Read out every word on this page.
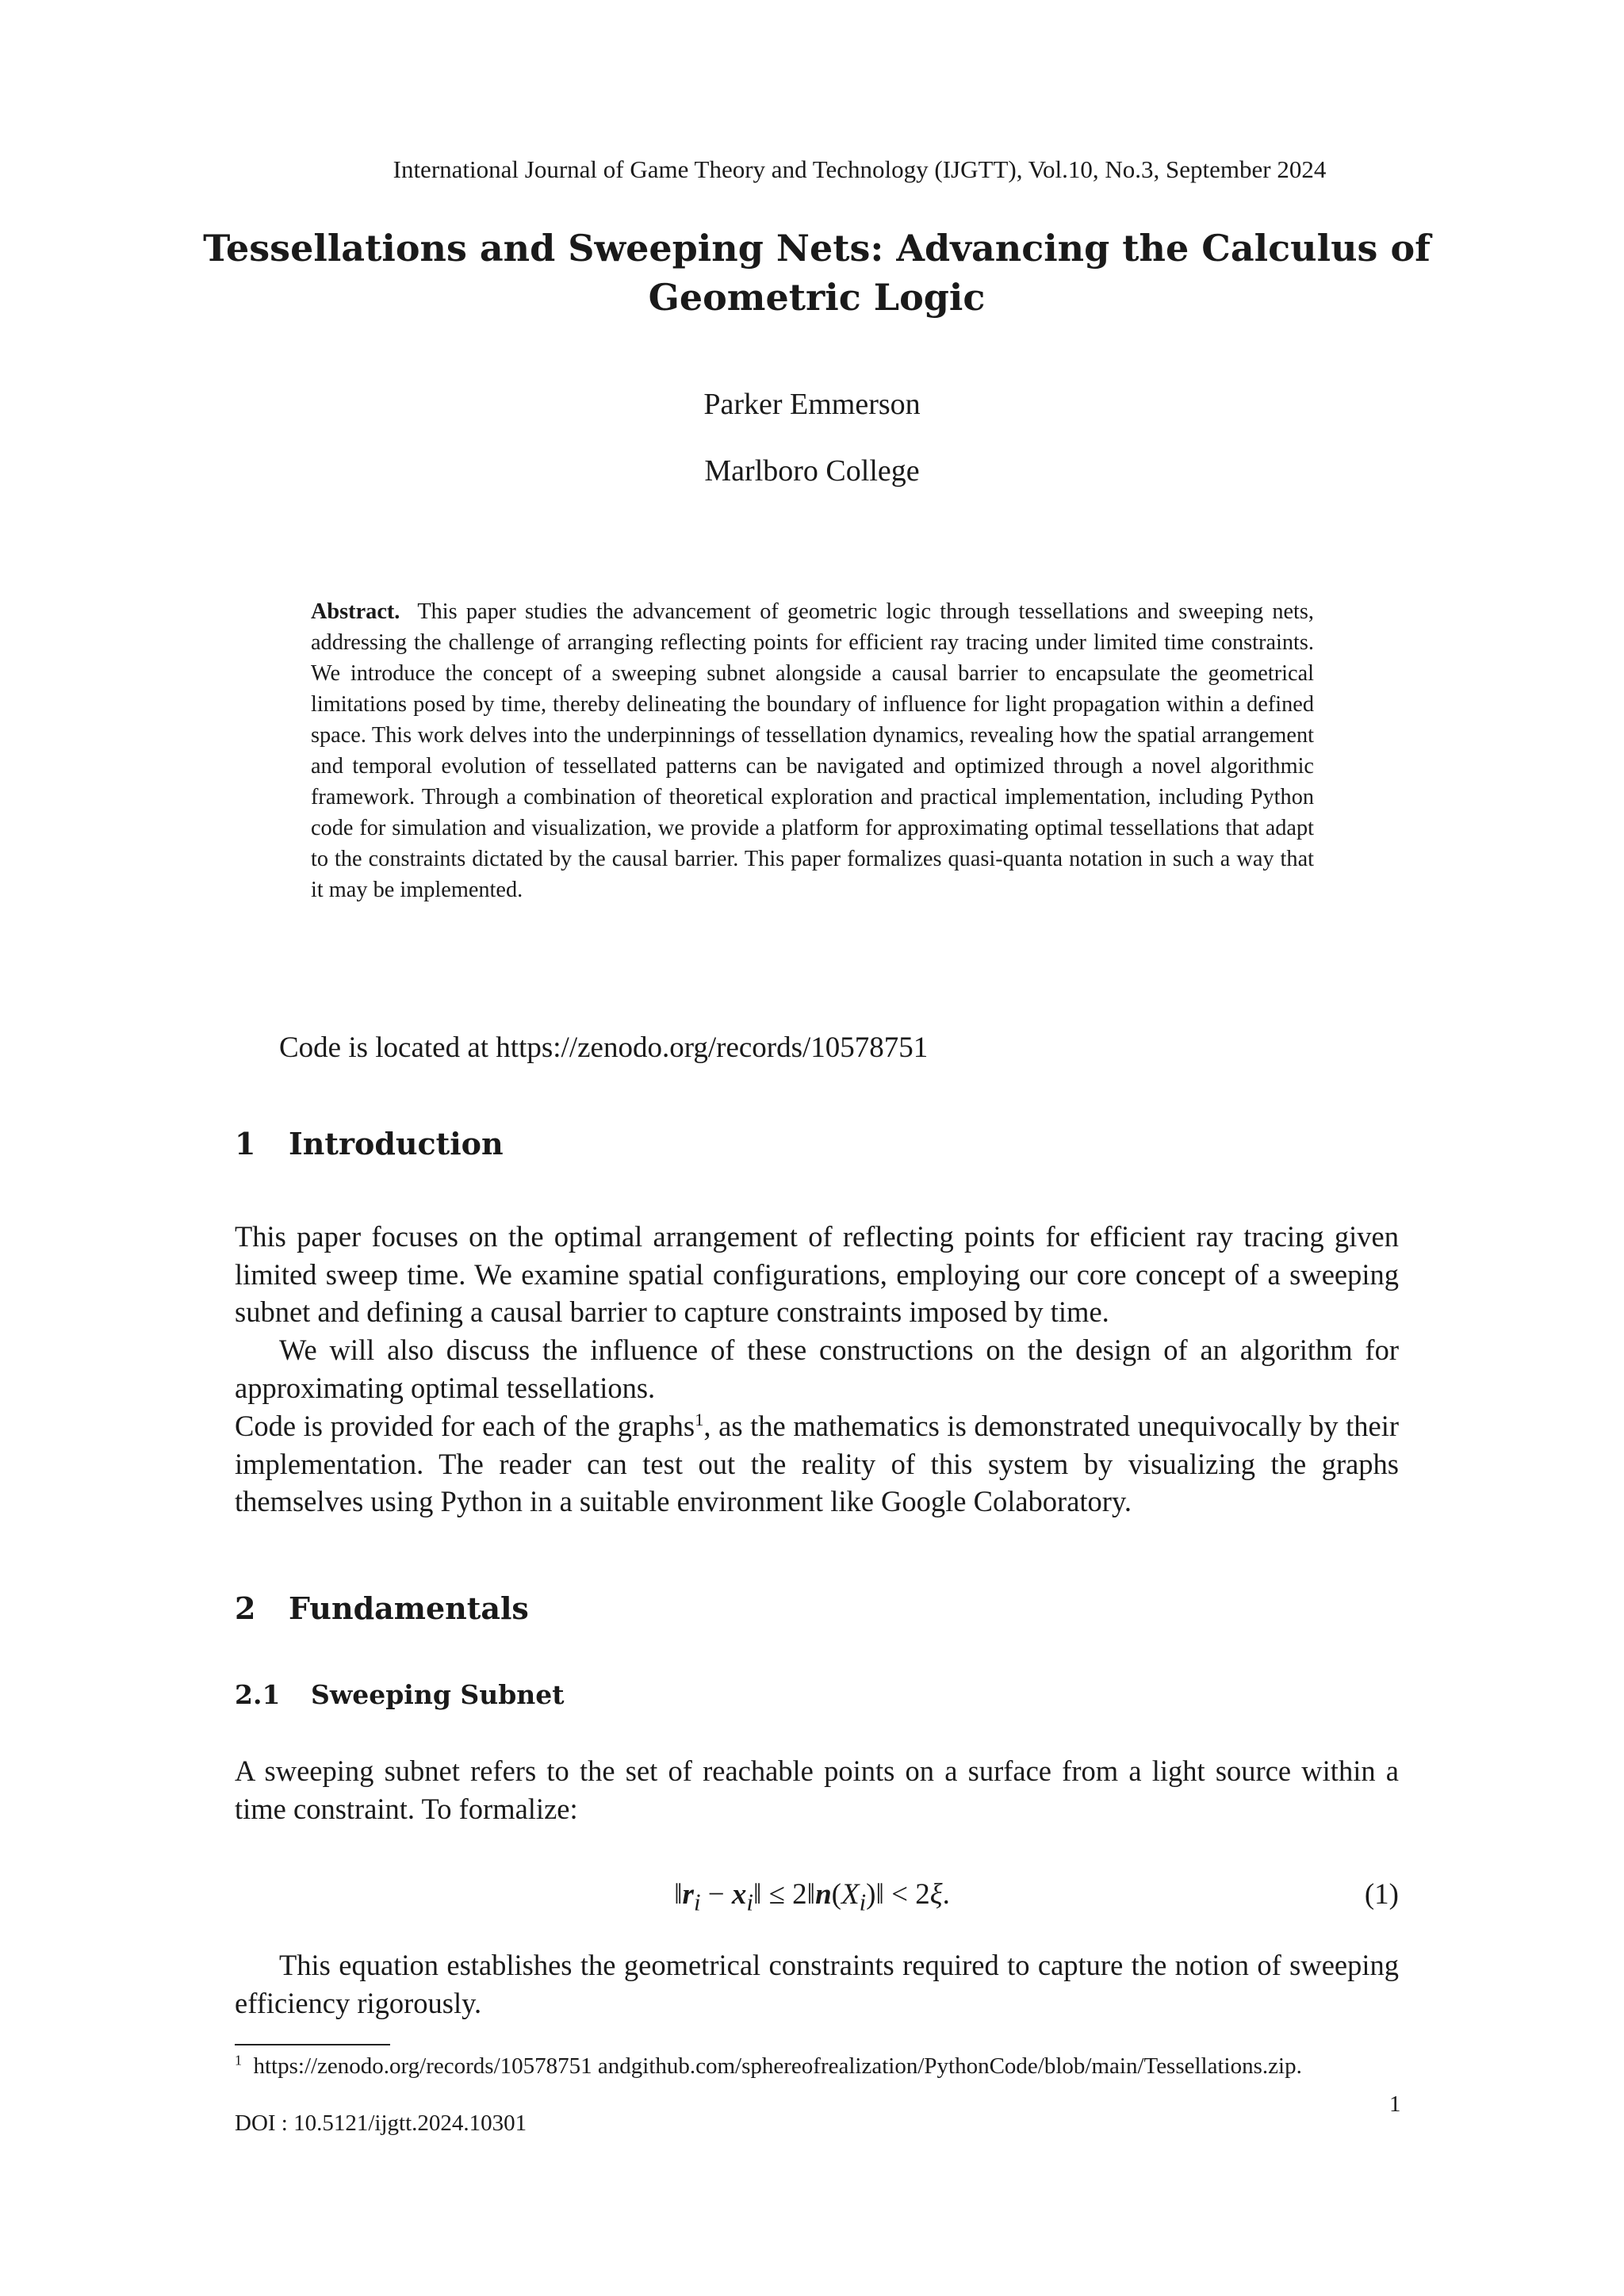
International Journal of Game Theory and Technology (IJGTT), Vol.10, No.3, September 2024

Tessellations and Sweeping Nets: Advancing the Calculus of Geometric Logic

Parker Emmerson

Marlboro College

Abstract. This paper studies the advancement of geometric logic through tessellations and sweeping nets, addressing the challenge of arranging reflecting points for efficient ray tracing under limited time constraints. We introduce the concept of a sweeping subnet alongside a causal barrier to encapsulate the geometrical limitations posed by time, thereby delineating the boundary of influence for light propagation within a defined space. This work delves into the underpinnings of tessellation dynamics, revealing how the spatial arrangement and temporal evolution of tessellated patterns can be navigated and optimized through a novel algorithmic framework. Through a combination of theoretical exploration and practical implementation, including Python code for simulation and visualization, we provide a platform for approximating optimal tessellations that adapt to the constraints dictated by the causal barrier. This paper formalizes quasi-quanta notation in such a way that it may be implemented.

Code is located at https://zenodo.org/records/10578751

1 Introduction

This paper focuses on the optimal arrangement of reflecting points for efficient ray tracing given limited sweep time. We examine spatial configurations, employing our core concept of a sweeping subnet and defining a causal barrier to capture constraints imposed by time.

We will also discuss the influence of these constructions on the design of an algorithm for approximating optimal tessellations.

Code is provided for each of the graphs$^1$, as the mathematics is demonstrated unequivocally by their implementation. The reader can test out the reality of this system by visualizing the graphs themselves using Python in a suitable environment like Google Colaboratory.

2 Fundamentals
2.1 Sweeping Subnet

A sweeping subnet refers to the set of reachable points on a surface from a light source within a time constraint. To formalize:

$‖r_i$ − $x_i‖$ ≤ $2‖n(X_i)‖ < 2\xi$.	(1)

This equation establishes the geometrical constraints required to capture the notion of sweeping efficiency rigorously.

$^1$ https://zenodo.org/records/10578751 andgithub.com/sphereofrealization/PythonCode/blob/main/Tessellations.zip.

1

DOI : 10.5121/ijgtt.2024.10301
